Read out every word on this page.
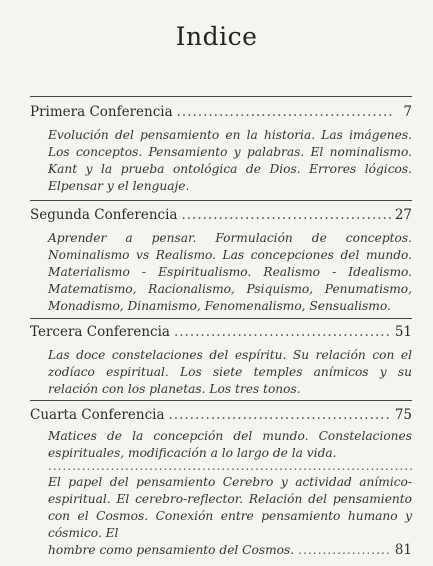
Indice
Primera Conferencia .....	7
Evolución del pensamiento en la historia. Las imágenes. Los conceptos. Pensamiento y palabras. El nominalismo. Kant y la prueba ontológica de Dios. Errores lógicos. Elpensar y el lenguaje.
Segunda Conferencia .....	27
Aprender a pensar. Formulación de conceptos. Nominalismo vs Realismo. Las concepciones del mundo. Materialismo - Espiritualismo. Realismo - Idealismo. Matematismo, Racionalismo, Psiquismo, Penumatismo, Monadismo, Dinamismo, Fenomenalismo, Sensualismo.
Tercera Conferencia .....	51
Las doce constelaciones del espíritu. Su relación con el zodíaco espiritual. Los siete temples anímicos y su relación con los planetas. Los tres tonos.
Cuarta Conferencia .....	75
Matices de la concepción del mundo. Constelaciones espirituales, modificación a lo largo de la vida.
.....
El papel del pensamiento Cerebro y actividad anímico-espiritual. El cerebro-reflector. Relación del pensamiento con el Cosmos. Conexión entre pensamiento humano y cósmico. El
hombre como pensamiento del Cosmos. .....	81
